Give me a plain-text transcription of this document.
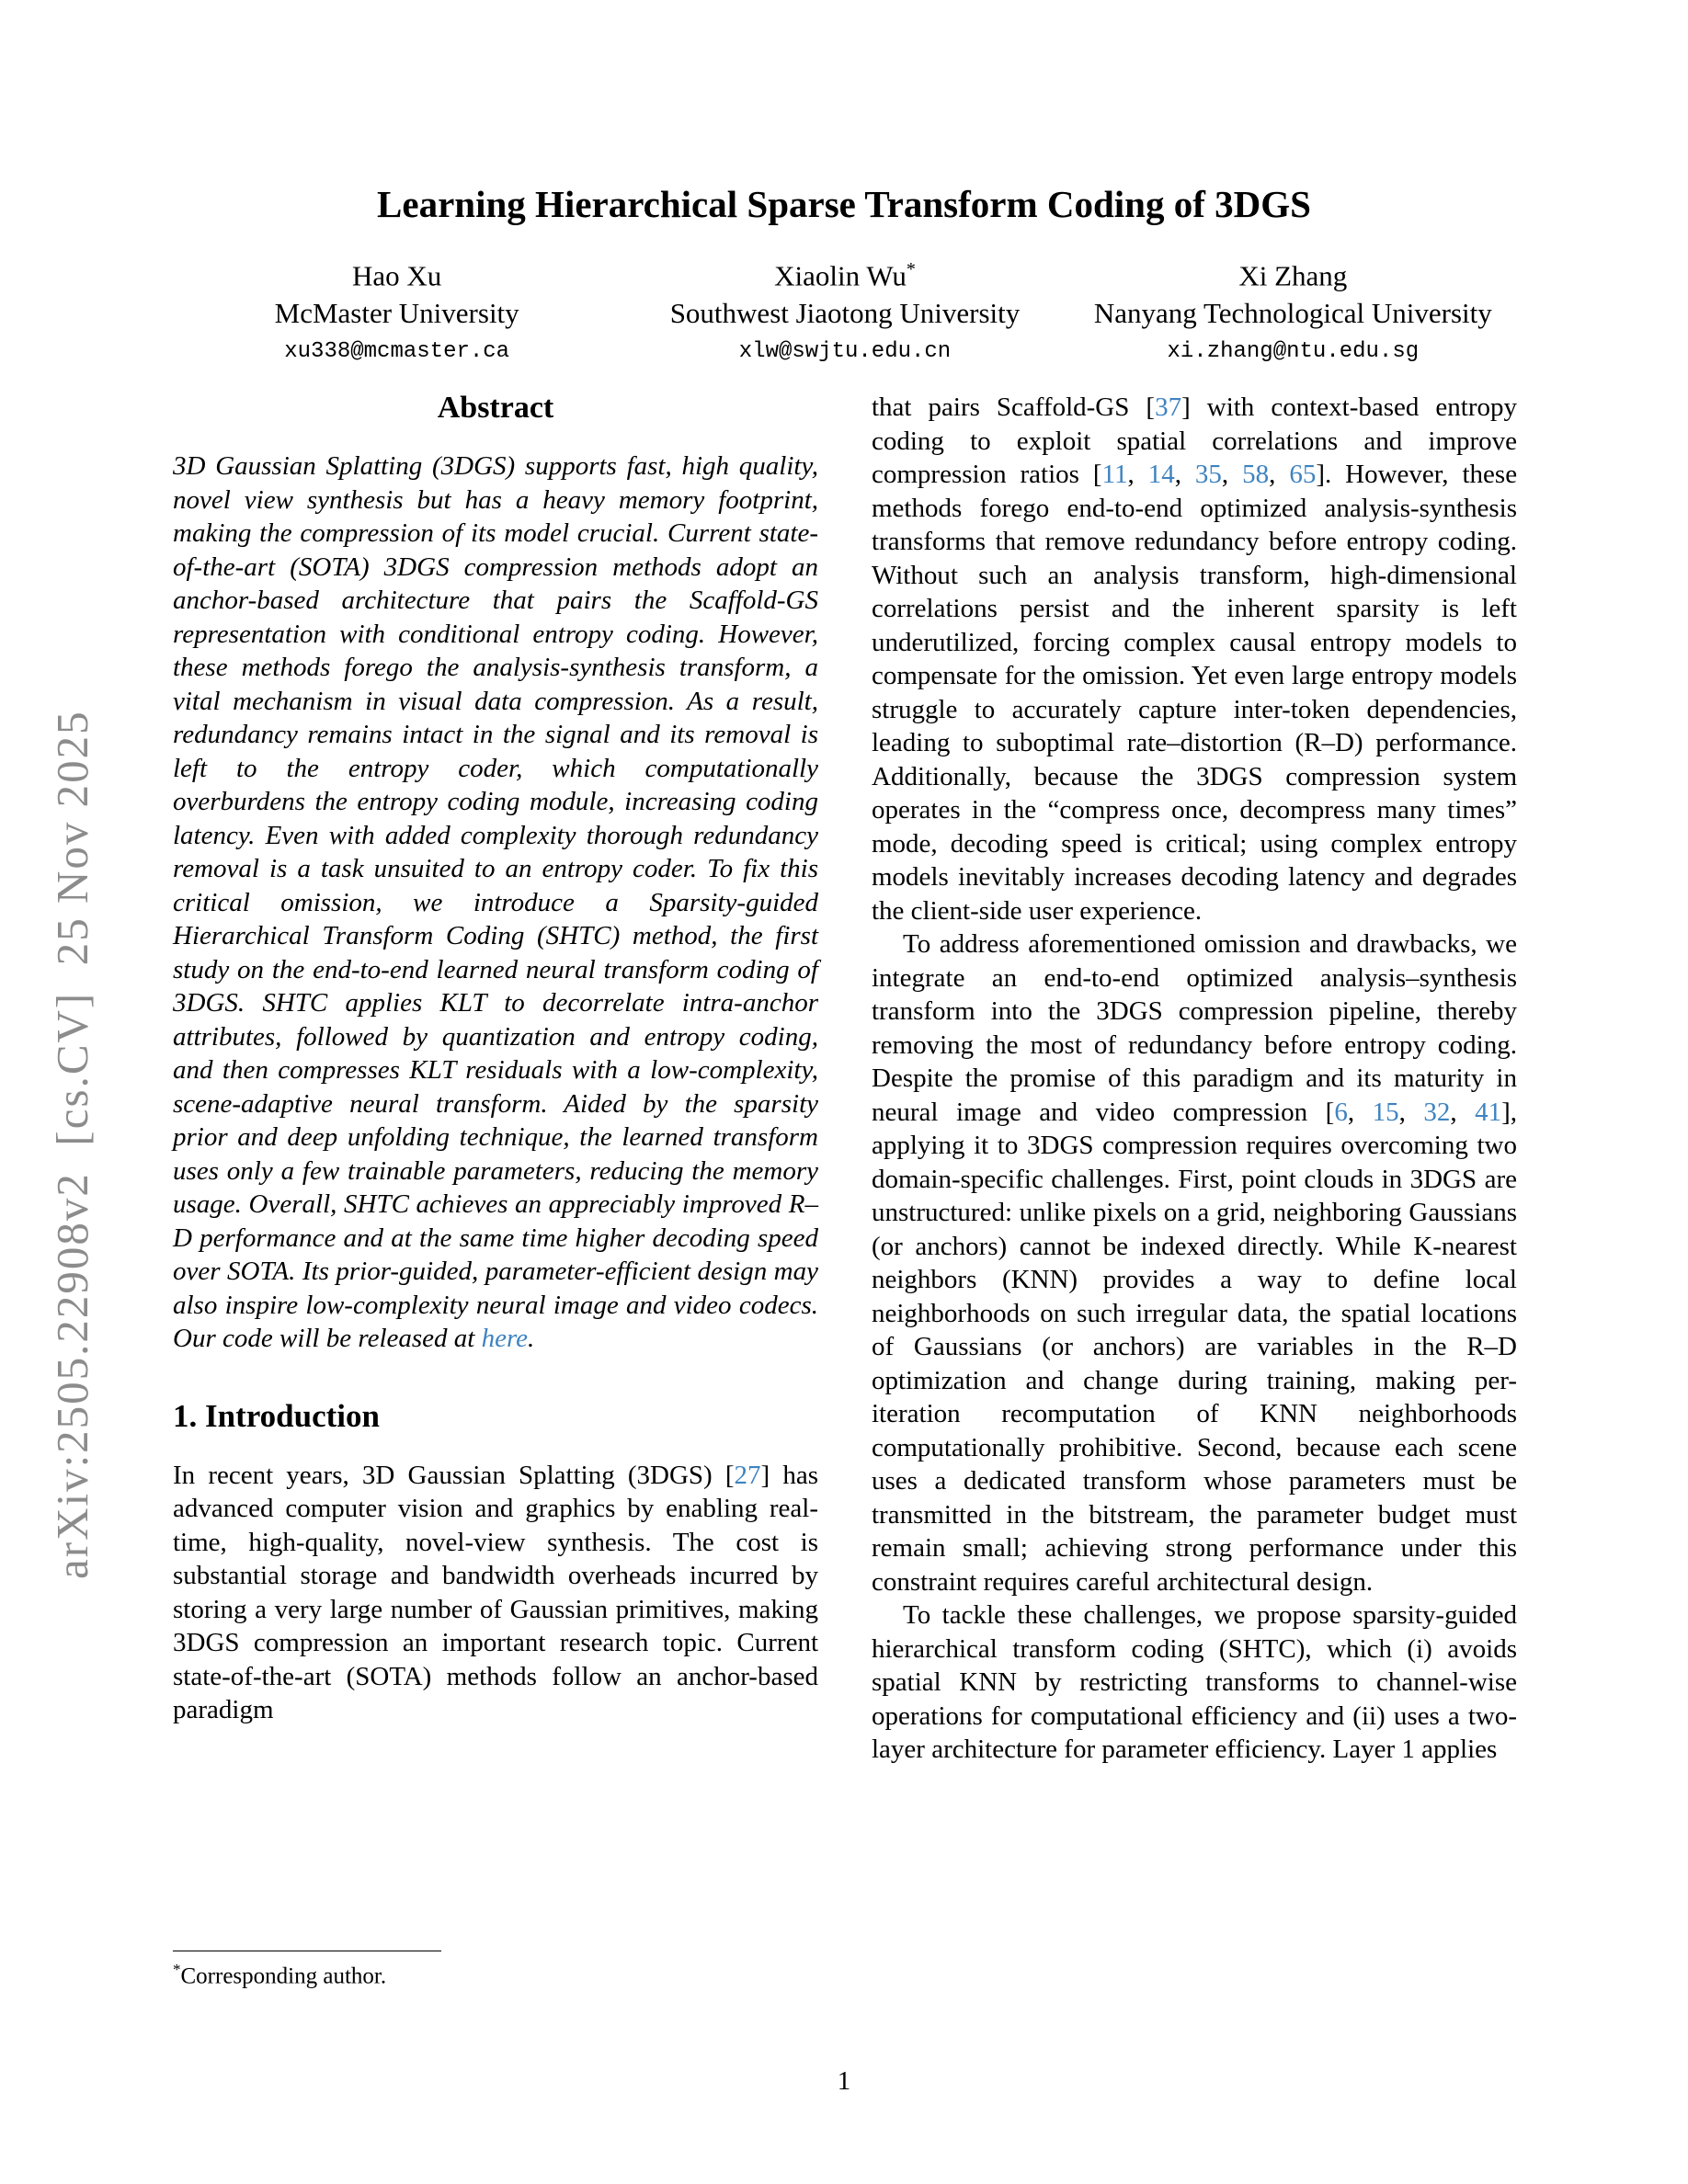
arXiv:2505.22908v2  [cs.CV]  25 Nov 2025
Learning Hierarchical Sparse Transform Coding of 3DGS
Hao Xu
McMaster University
xu338@mcmaster.ca
Xiaolin Wu*
Southwest Jiaotong University
xlw@swjtu.edu.cn
Xi Zhang
Nanyang Technological University
xi.zhang@ntu.edu.sg
Abstract

3D Gaussian Splatting (3DGS) supports fast, high quality, novel view synthesis but has a heavy memory footprint, making the compression of its model crucial. Current state-of-the-art (SOTA) 3DGS compression methods adopt an anchor-based architecture that pairs the Scaffold-GS representation with conditional entropy coding. However, these methods forego the analysis-synthesis transform, a vital mechanism in visual data compression. As a result, redundancy remains intact in the signal and its removal is left to the entropy coder, which computationally overburdens the entropy coding module, increasing coding latency. Even with added complexity thorough redundancy removal is a task unsuited to an entropy coder. To fix this critical omission, we introduce a Sparsity-guided Hierarchical Transform Coding (SHTC) method, the first study on the end-to-end learned neural transform coding of 3DGS. SHTC applies KLT to decorrelate intra-anchor attributes, followed by quantization and entropy coding, and then compresses KLT residuals with a low-complexity, scene-adaptive neural transform. Aided by the sparsity prior and deep unfolding technique, the learned transform uses only a few trainable parameters, reducing the memory usage. Overall, SHTC achieves an appreciably improved R–D performance and at the same time higher decoding speed over SOTA. Its prior-guided, parameter-efficient design may also inspire low-complexity neural image and video codecs. Our code will be released at here.

1. Introduction

In recent years, 3D Gaussian Splatting (3DGS) [27] has advanced computer vision and graphics by enabling real-time, high-quality, novel-view synthesis. The cost is substantial storage and bandwidth overheads incurred by storing a very large number of Gaussian primitives, making 3DGS compression an important research topic. Current state-of-the-art (SOTA) methods follow an anchor-based paradigm

that pairs Scaffold-GS [37] with context-based entropy coding to exploit spatial correlations and improve compression ratios [11, 14, 35, 58, 65]. However, these methods forego end-to-end optimized analysis-synthesis transforms that remove redundancy before entropy coding. Without such an analysis transform, high-dimensional correlations persist and the inherent sparsity is left underutilized, forcing complex causal entropy models to compensate for the omission. Yet even large entropy models struggle to accurately capture inter-token dependencies, leading to suboptimal rate–distortion (R–D) performance. Additionally, because the 3DGS compression system operates in the “compress once, decompress many times” mode, decoding speed is critical; using complex entropy models inevitably increases decoding latency and degrades the client-side user experience.

To address aforementioned omission and drawbacks, we integrate an end-to-end optimized analysis–synthesis transform into the 3DGS compression pipeline, thereby removing the most of redundancy before entropy coding. Despite the promise of this paradigm and its maturity in neural image and video compression [6, 15, 32, 41], applying it to 3DGS compression requires overcoming two domain-specific challenges. First, point clouds in 3DGS are unstructured: unlike pixels on a grid, neighboring Gaussians (or anchors) cannot be indexed directly. While K-nearest neighbors (KNN) provides a way to define local neighborhoods on such irregular data, the spatial locations of Gaussians (or anchors) are variables in the R–D optimization and change during training, making per-iteration recomputation of KNN neighborhoods computationally prohibitive. Second, because each scene uses a dedicated transform whose parameters must be transmitted in the bitstream, the parameter budget must remain small; achieving strong performance under this constraint requires careful architectural design.

To tackle these challenges, we propose sparsity-guided hierarchical transform coding (SHTC), which (i) avoids spatial KNN by restricting transforms to channel-wise operations for computational efficiency and (ii) uses a two-layer architecture for parameter efficiency. Layer 1 applies

*Corresponding author.
1
